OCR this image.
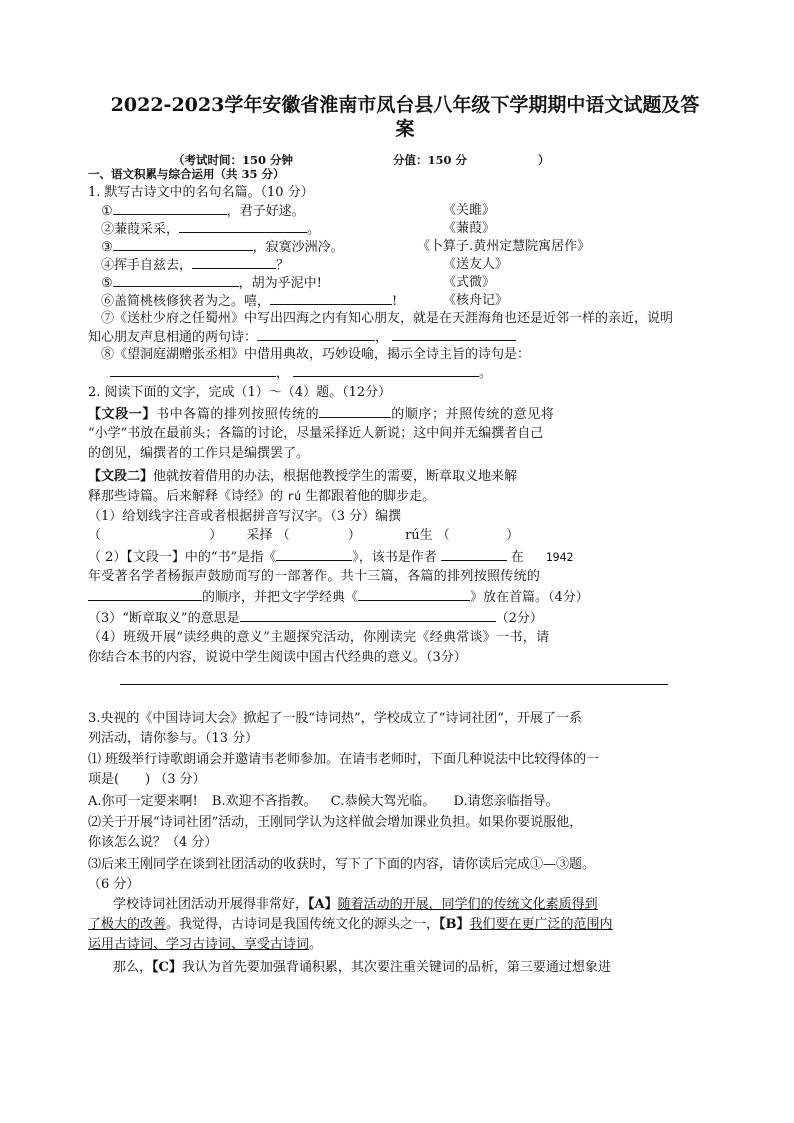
2022-2023学年安徽省淮南市凤台县八年级下学期期中语文试题及答
案
（考试时间：150 分钟	分值：150 分	）
一、语文积累与综合运用（共 35 分）
1. 默写古诗文中的名句名篇。（10 分）
①	，君子好逑。	《关雎》
②蒹葭采采，	。	《蒹葭》
③	，寂寞沙洲冷。	《卜算子.黄州定慧院寓居作》
④挥手自兹去，	？	《送友人》
⑤	，胡为乎泥中!	《式微》
⑥盖简桃核修狭者为之。嘻，	!	《核舟记》
⑦《送杜少府之任蜀州》中写出四海之内有知心朋友，就是在天涯海角也还是近邻一样的亲近，说明
知心朋友声息相通的两句诗：	，
⑧《望洞庭湖赠张丞相》中借用典故，巧妙设喻，揭示全诗主旨的诗句是：
，	。
2. 阅读下面的文字，完成（1）～（4）题。（12分）
【文段一】书中各篇的排列按照传统的	的顺序；并照传统的意见将
“小学”书放在最前头；各篇的讨论，尽量采择近人新说；这中间并无编撰者自己
的创见，编撰者的工作只是编撰罢了。
【文段二】他就按着借用的办法，根据他教授学生的需要，断章取义地来解
释那些诗篇。后来解释《诗经》的 rú 生都跟着他的脚步走。
（1）给划线字注音或者根据拼音写汉字。（3 分）编撰
（	） 采择 （	）	rú生 （	）
（ 2）【文段一】中的“书”是指《	》，该书是作者	在 1942
年受著名学者杨振声鼓励而写的一部著作。共十三篇，各篇的排列按照传统的
的顺序，并把文字学经典《	》放在首篇。（4分）
（3）“断章取义”的意思是	（2分）
（4）班级开展“读经典的意义”主题探究活动，你刚读完《经典常谈》一书，请
你结合本书的内容，说说中学生阅读中国古代经典的意义。（3分）
3.央视的《中国诗词大会》掀起了一股“诗词热”，学校成立了“诗词社团”，开展了一系
列活动，请你参与。（13 分）
⑴ 班级举行诗歌朗诵会并邀请韦老师参加。在请韦老师时，下面几种说法中比较得体的一
项是(　　) （3 分）
A.你可一定要来啊! B.欢迎不吝指教。 C.恭候大驾光临。 D.请您亲临指导。
⑵关于开展“诗词社团”活动，王刚同学认为这样做会增加课业负担。如果你要说服他，
你该怎么说？（4 分）
⑶后来王刚同学在谈到社团活动的收获时，写下了下面的内容，请你读后完成①—③题。
（6 分）
学校诗词社团活动开展得非常好，【A】随着活动的开展，同学们的传统文化素质得到
了极大的改善。我觉得，古诗词是我国传统文化的源头之一，【B】我们要在更广泛的范围内
运用古诗词、学习古诗词、享受古诗词。
那么，【C】我认为首先要加强背诵积累，其次要注重关键词的品析，第三要通过想象进
